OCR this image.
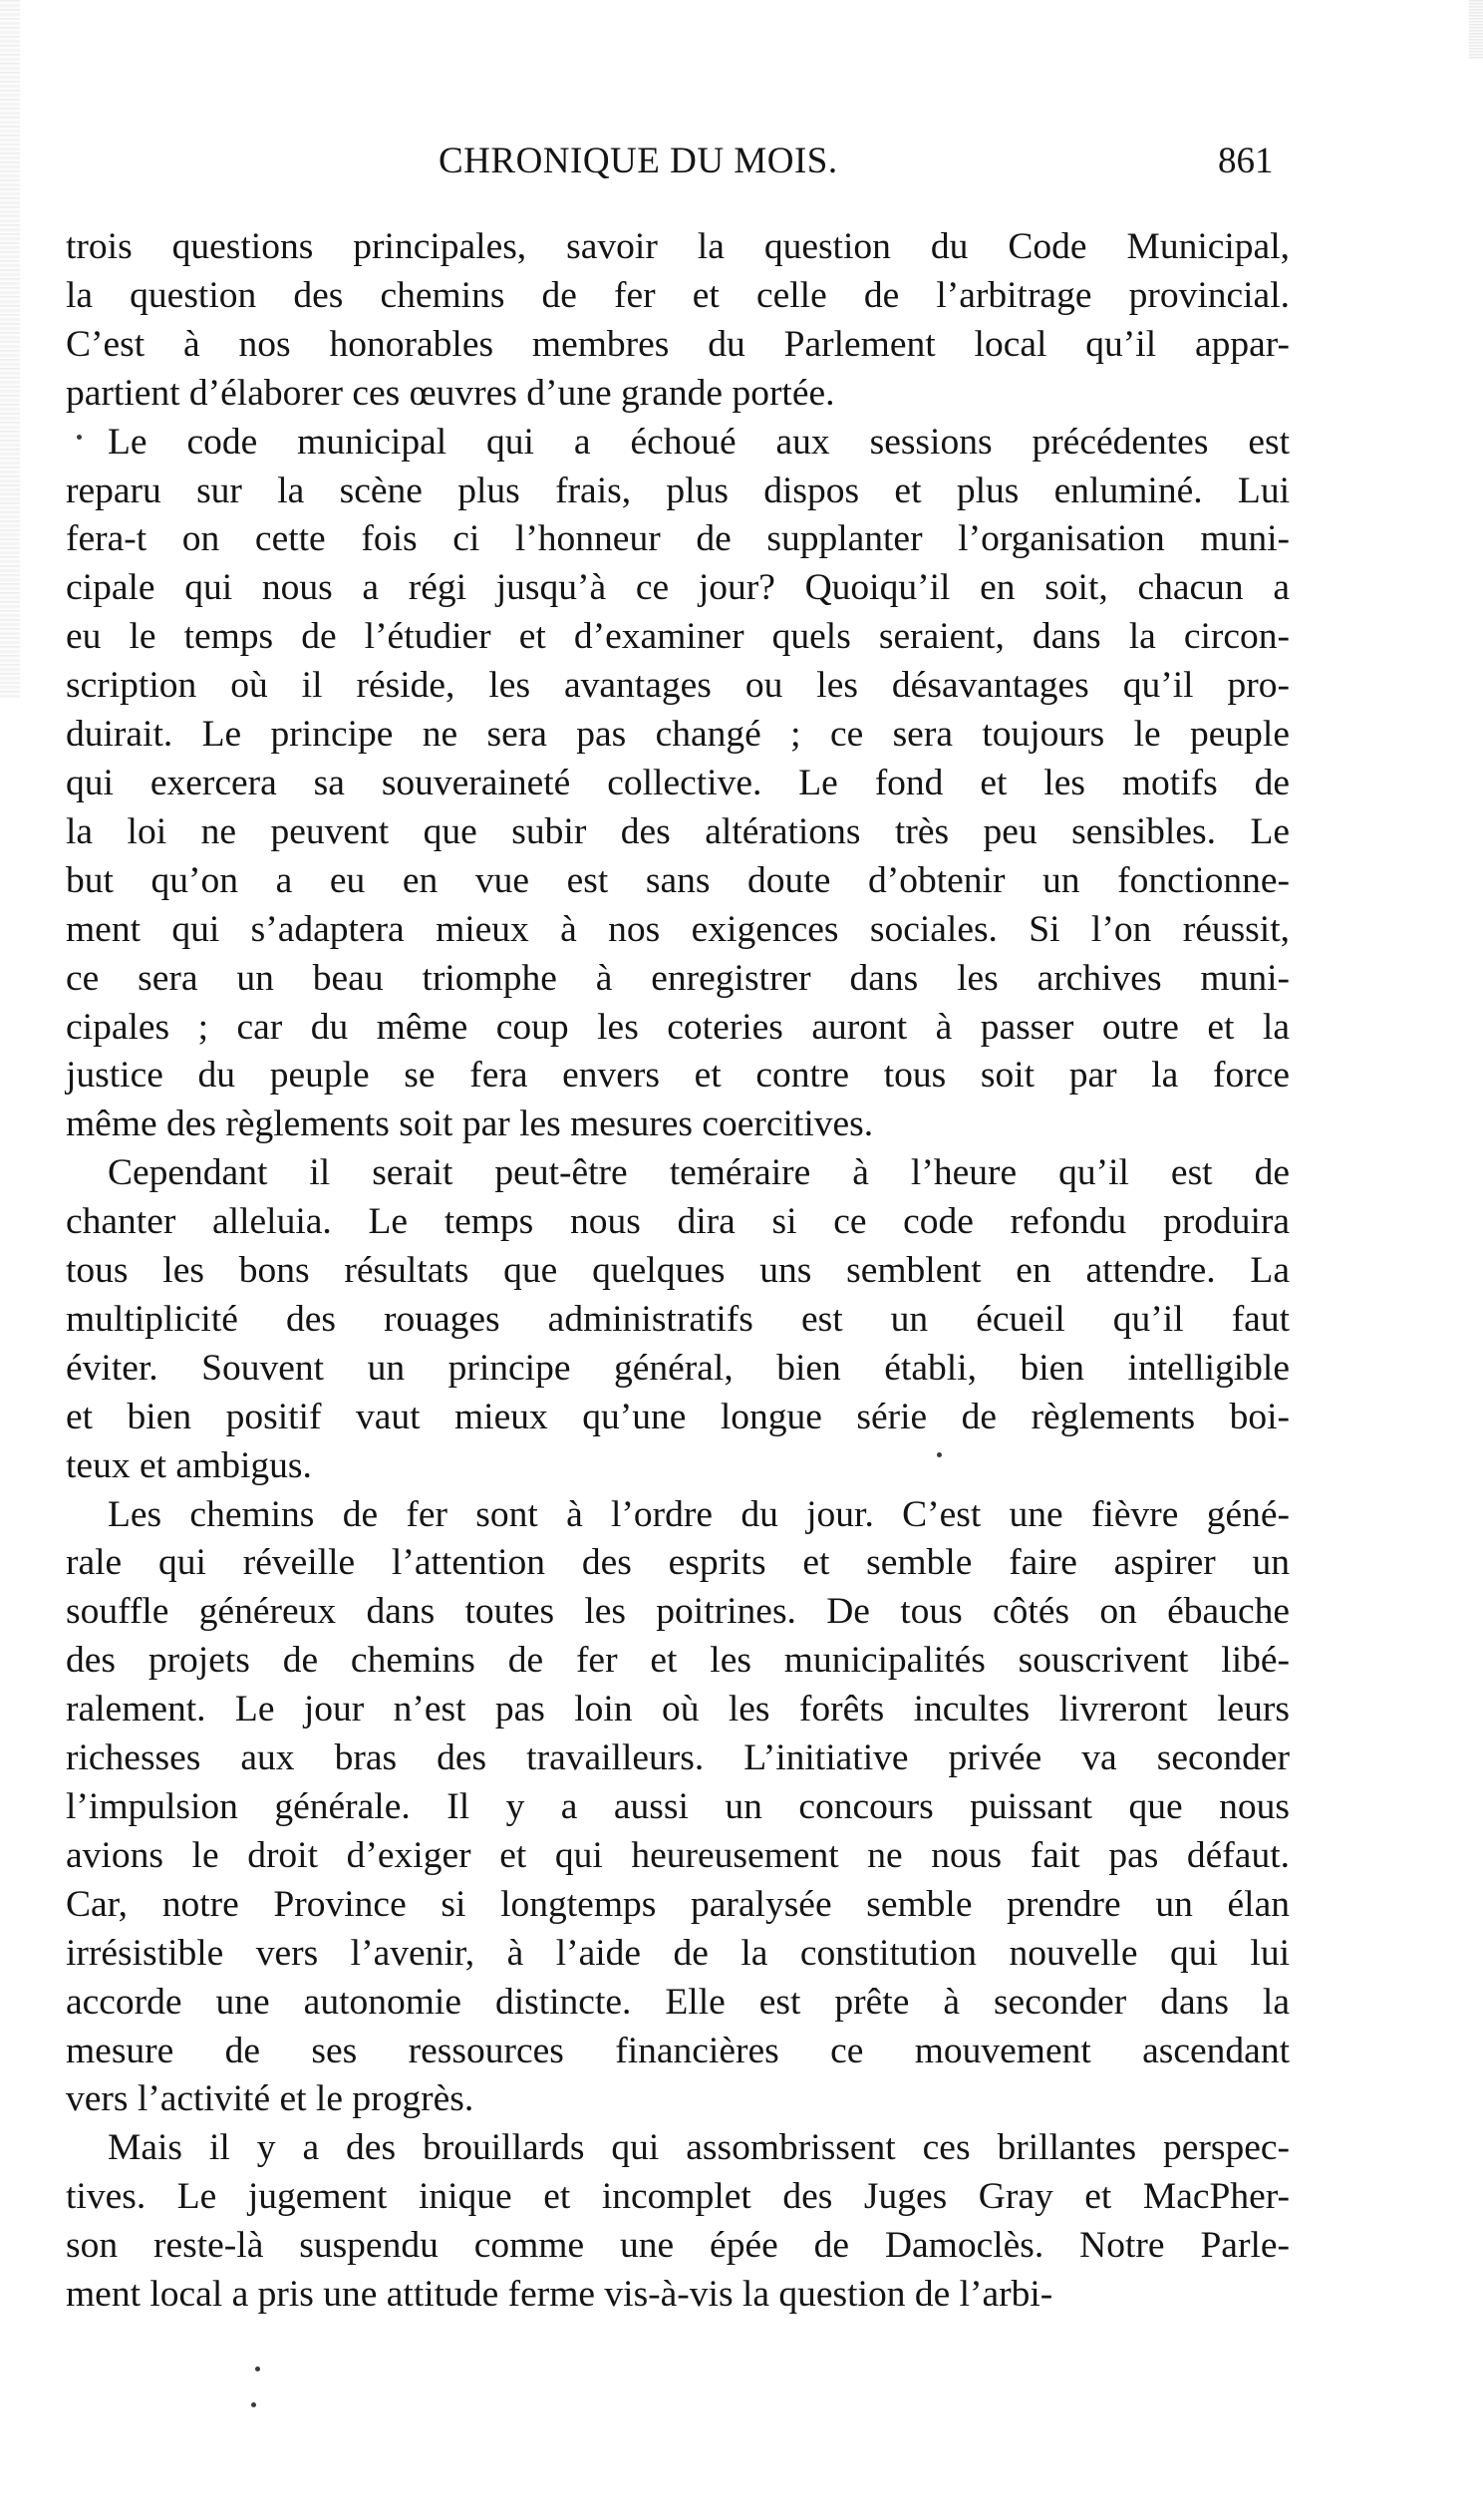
CHRONIQUE DU MOIS.	861
trois questions principales, savoir la question du Code Municipal,
la question des chemins de fer et celle de l’arbitrage provincial.
C’est à nos honorables membres du Parlement local qu’il appar-
partient d’élaborer ces œuvres d’une grande portée.
Le code municipal qui a échoué aux sessions précédentes est
reparu sur la scène plus frais, plus dispos et plus enluminé. Lui
fera-t on cette fois ci l’honneur de supplanter l’organisation muni-
cipale qui nous a régi jusqu’à ce jour? Quoiqu’il en soit, chacun a
eu le temps de l’étudier et d’examiner quels seraient, dans la circon-
scription où il réside, les avantages ou les désavantages qu’il pro-
duirait. Le principe ne sera pas changé ; ce sera toujours le peuple
qui exercera sa souveraineté collective. Le fond et les motifs de
la loi ne peuvent que subir des altérations très peu sensibles. Le
but qu’on a eu en vue est sans doute d’obtenir un fonctionne-
ment qui s’adaptera mieux à nos exigences sociales. Si l’on réussit,
ce sera un beau triomphe à enregistrer dans les archives muni-
cipales ; car du même coup les coteries auront à passer outre et la
justice du peuple se fera envers et contre tous soit par la force
même des règlements soit par les mesures coercitives.
Cependant il serait peut-être teméraire à l’heure qu’il est de
chanter alleluia. Le temps nous dira si ce code refondu produira
tous les bons résultats que quelques uns semblent en attendre. La
multiplicité des rouages administratifs est un écueil qu’il faut
éviter. Souvent un principe général, bien établi, bien intelligible
et bien positif vaut mieux qu’une longue série de règlements boi-
teux et ambigus.
Les chemins de fer sont à l’ordre du jour. C’est une fièvre géné-
rale qui réveille l’attention des esprits et semble faire aspirer un
souffle généreux dans toutes les poitrines. De tous côtés on ébauche
des projets de chemins de fer et les municipalités souscrivent libé-
ralement. Le jour n’est pas loin où les forêts incultes livreront leurs
richesses aux bras des travailleurs. L’initiative privée va seconder
l’impulsion générale. Il y a aussi un concours puissant que nous
avions le droit d’exiger et qui heureusement ne nous fait pas défaut.
Car, notre Province si longtemps paralysée semble prendre un élan
irrésistible vers l’avenir, à l’aide de la constitution nouvelle qui lui
accorde une autonomie distincte. Elle est prête à seconder dans la
mesure de ses ressources financières ce mouvement ascendant
vers l’activité et le progrès.
Mais il y a des brouillards qui assombrissent ces brillantes perspec-
tives. Le jugement inique et incomplet des Juges Gray et MacPher-
son reste-là suspendu comme une épée de Damoclès. Notre Parle-
ment local a pris une attitude ferme vis-à-vis la question de l’arbi-
